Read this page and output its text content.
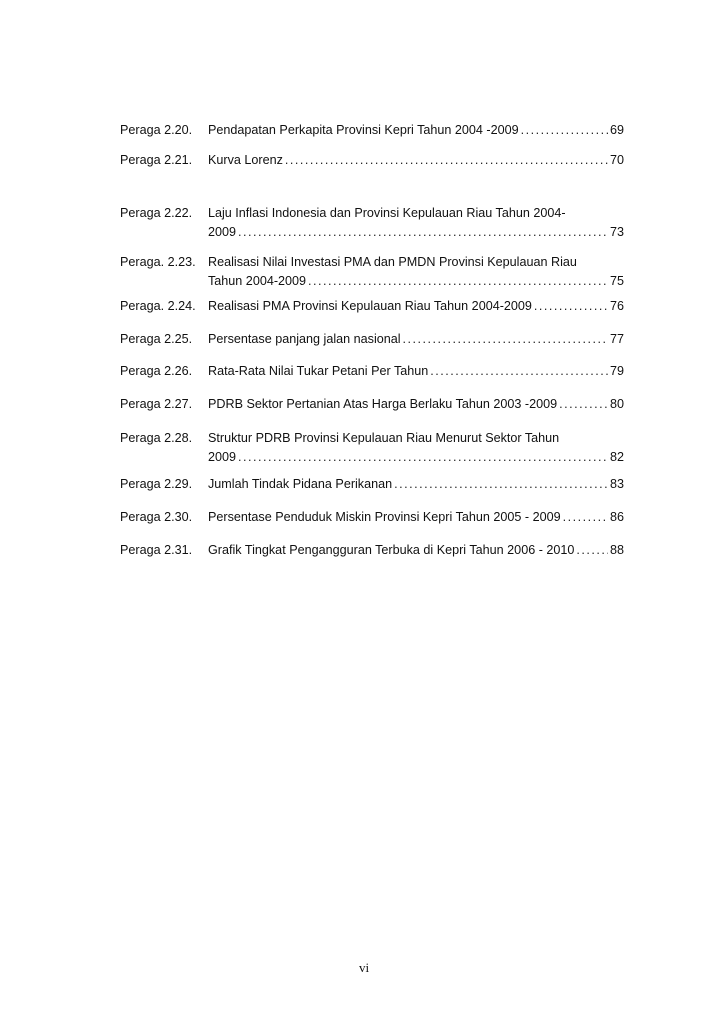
Peraga 2.20. Pendapatan Perkapita Provinsi Kepri Tahun 2004 -2009 .....	69
Peraga 2.21. Kurva Lorenz .....	70
Peraga 2.22. Laju Inflasi Indonesia dan Provinsi Kepulauan Riau Tahun 2004-
2009 .....	73
Peraga. 2.23. Realisasi Nilai Investasi PMA dan PMDN Provinsi Kepulauan Riau
Tahun 2004-2009 .....	75
Peraga. 2.24. Realisasi PMA Provinsi Kepulauan Riau Tahun 2004-2009 .....	76
Peraga 2.25. Persentase panjang jalan nasional .....	77
Peraga 2.26. Rata-Rata Nilai Tukar Petani Per Tahun .....	79
Peraga 2.27. PDRB Sektor Pertanian Atas Harga Berlaku Tahun 2003 -2009 .....	80
Peraga 2.28. Struktur PDRB Provinsi Kepulauan Riau Menurut Sektor Tahun
2009 .....	82
Peraga 2.29. Jumlah Tindak Pidana Perikanan .....	83
Peraga 2.30. Persentase Penduduk Miskin Provinsi Kepri Tahun 2005 - 2009 .....	86
Peraga 2.31. Grafik Tingkat Pengangguran Terbuka di Kepri Tahun 2006 - 2010 .....	88
vi
